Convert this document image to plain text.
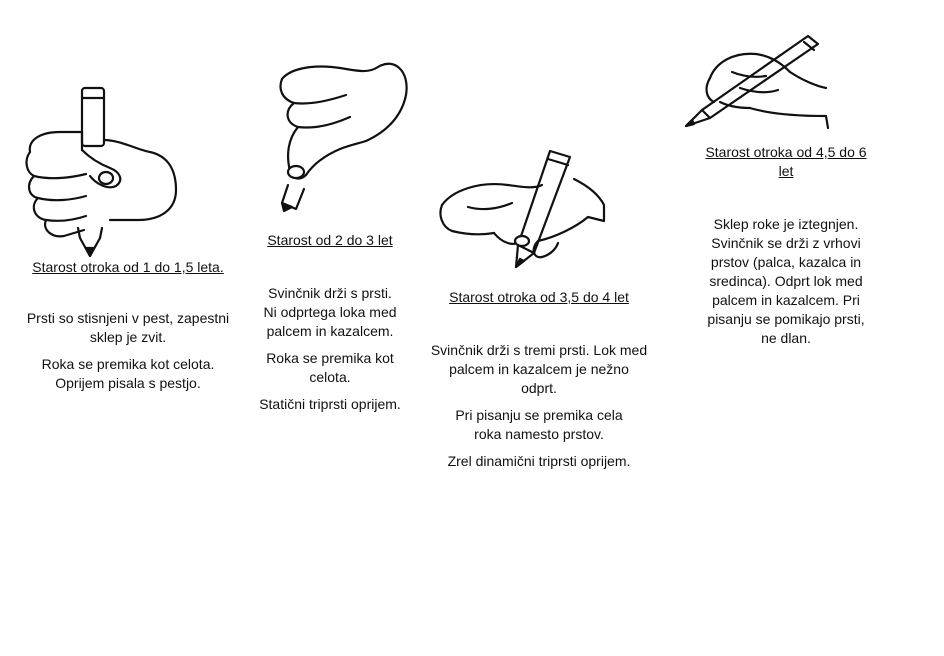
Starost otroka od 1 do 1,5 leta.
Prsti so stisnjeni v pest, zapestni sklep je zvit.
Roka se premika kot celota. Oprijem pisala s pestjo.
Starost od 2 do 3 let
Svinčnik drži s prsti.
Ni odprtega loka med palcem in kazalcem.
Roka se premika kot celota.
Statični triprsti oprijem.
Starost otroka od 3,5 do 4 let
Svinčnik drži s tremi prsti. Lok med palcem in kazalcem je nežno odprt.
Pri pisanju se premika cela roka namesto prstov.
Zrel dinamični triprsti oprijem.
Starost otroka od 4,5 do 6 let
Sklep roke je iztegnjen. Svinčnik se drži z vrhovi prstov (palca, kazalca in sredinca). Odprt lok med palcem in kazalcem. Pri pisanju se pomikajo prsti, ne dlan.
